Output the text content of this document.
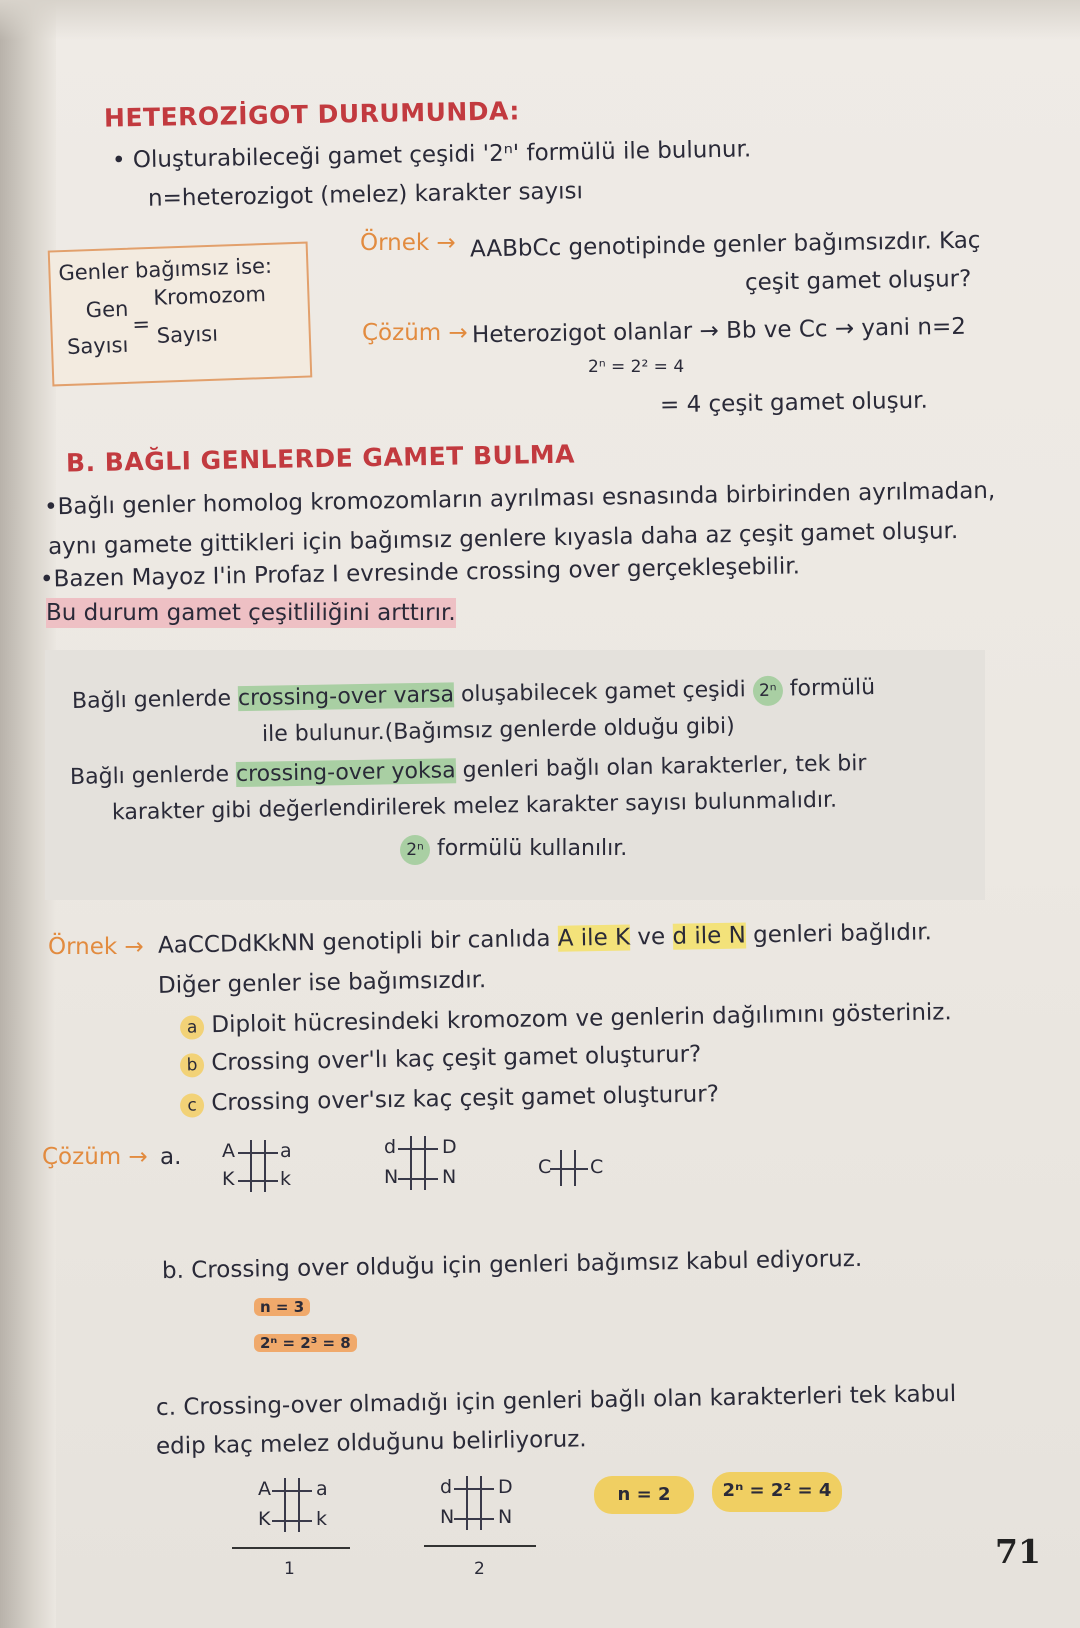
HETEROZİGOT DURUMUNDA:
• Oluşturabileceği gamet çeşidi '2ⁿ' formülü ile bulunur.
n=heterozigot (melez) karakter sayısı
Genler bağımsız ise:
Gen
Sayısı
=
Kromozom
Sayısı
Örnek → AABbCc genotipinde genler bağımsızdır. Kaç
çeşit gamet oluşur?
Çözüm → Heterozigot olanlar → Bb ve Cc → yani n=2
2ⁿ = 2² = 4
= 4 çeşit gamet oluşur.
B. BAĞLI GENLERDE GAMET BULMA
•Bağlı genler homolog kromozomların ayrılması esnasında birbirinden ayrılmadan,
aynı gamete gittikleri için bağımsız genlere kıyasla daha az çeşit gamet oluşur.
•Bazen Mayoz I'in Profaz I evresinde crossing over gerçekleşebilir.
Bu durum gamet çeşitliliğini arttırır.
Bağlı genlerde crossing-over varsa oluşabilecek gamet çeşidi 2ⁿ formülü
ile bulunur.(Bağımsız genlerde olduğu gibi)
Bağlı genlerde crossing-over yoksa genleri bağlı olan karakterler, tek bir
karakter gibi değerlendirilerek melez karakter sayısı bulunmalıdır.
2ⁿ formülü kullanılır.
Örnek → AaCCDdKkNN genotipli bir canlıda A ile K ve d ile N genleri bağlıdır.
Diğer genler ise bağımsızdır.
a Diploit hücresindeki kromozom ve genlerin dağılımını gösteriniz.
b Crossing over'lı kaç çeşit gamet oluşturur?
c Crossing over'sız kaç çeşit gamet oluşturur?
Çözüm → a. A a
K k
d D
N N	C C
b. Crossing over olduğu için genleri bağımsız kabul ediyoruz.
n = 3
2ⁿ = 2³ = 8
c. Crossing-over olmadığı için genleri bağlı olan karakterleri tek kabul
edip kaç melez olduğunu belirliyoruz.
A a
K k
1
d D
N N
2
n = 2	2ⁿ = 2² = 4
71
